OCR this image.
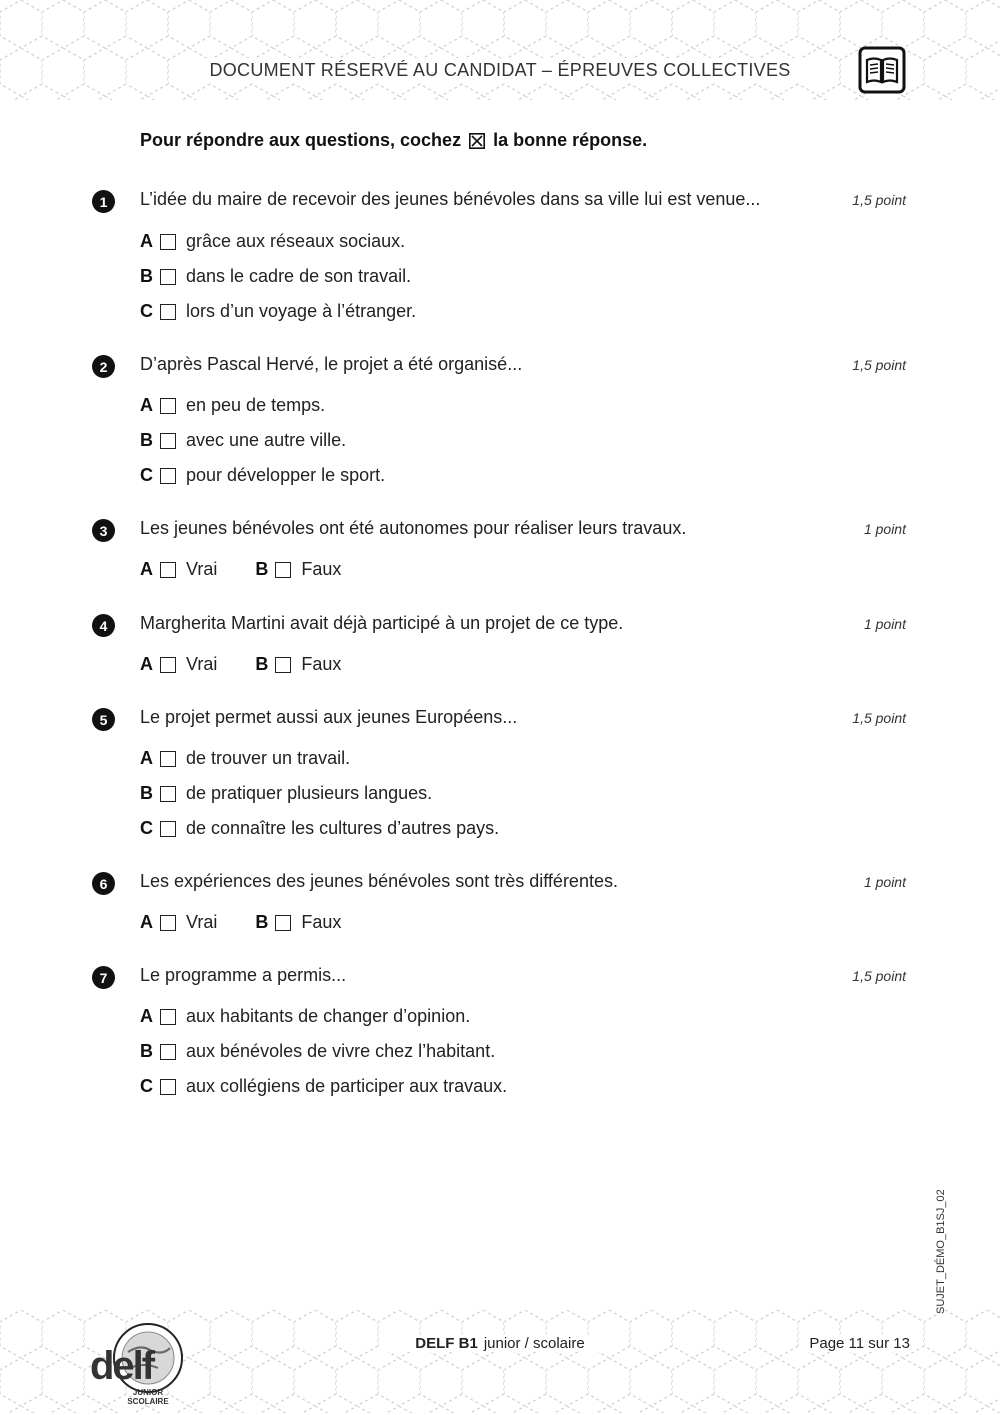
DOCUMENT RÉSERVÉ AU CANDIDAT – ÉPREUVES COLLECTIVES
Pour répondre aux questions, cochez la bonne réponse.
1	L’idée du maire de recevoir des jeunes bénévoles dans sa ville lui est venue...	1,5 point
A grâce aux réseaux sociaux.
B dans le cadre de son travail.
C lors d’un voyage à l’étranger.
2	D’après Pascal Hervé, le projet a été organisé...	1,5 point
A en peu de temps.
B avec une autre ville.
C pour développer le sport.
3	Les jeunes bénévoles ont été autonomes pour réaliser leurs travaux.	1 point
A Vrai B Faux
4	Margherita Martini avait déjà participé à un projet de ce type.	1 point
A Vrai B Faux
5	Le projet permet aussi aux jeunes Européens...	1,5 point
A de trouver un travail.
B de pratiquer plusieurs langues.
C de connaître les cultures d’autres pays.
6	Les expériences des jeunes bénévoles sont très différentes.	1 point
A Vrai B Faux
7	Le programme a permis...	1,5 point
A aux habitants de changer d’opinion.
B aux bénévoles de vivre chez l’habitant.
C aux collégiens de participer aux travaux.
SUJET_DÉMO_B1SJ_02
delf
JUNIOR SCOLAIRE
DELF B1 junior / scolaire	Page 11 sur 13
